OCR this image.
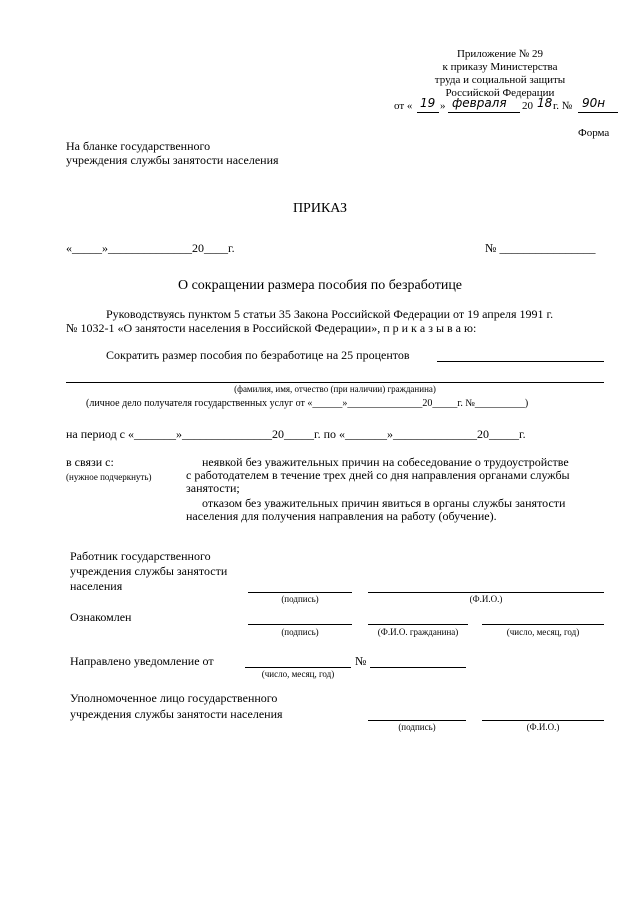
Приложение № 29
к приказу Министерства
труда и социальной защиты
Российской Федерации
от « 19 » февраля 20 18 г. № 90н
Форма
На бланке государственного
учреждения службы занятости населения
ПРИКАЗ
«_____»______________20____г.	№ ________________
О сокращении размера пособия по безработице
Руководствуясь пунктом 5 статьи 35 Закона Российской Федерации от 19 апреля 1991 г.
№ 1032-1 «О занятости населения в Российской Федерации», п р и к а з ы в а ю:
Сократить размер пособия по безработице на 25 процентов
(фамилия, имя, отчество (при наличии) гражданина)
(личное дело получателя государственных услуг от «______»_______________20_____г. №__________)
на период с «_______»_______________20_____г. по «_______»______________20_____г.
в связи с:
(нужное подчеркнуть)
неявкой без уважительных причин на собеседование о трудоустройстве
с работодателем в течение трех дней со дня направления органами службы
занятости;
отказом без уважительных причин явиться в органы службы занятости
населения для получения направления на работу (обучение).
Работник государственного
учреждения службы занятости
населения
(подпись)	(Ф.И.О.)
Ознакомлен
(подпись)	(Ф.И.О. гражданина)	(число, месяц, год)
Направлено уведомление от
(число, месяц, год)
№
Уполномоченное лицо государственного
учреждения службы занятости населения
(подпись)	(Ф.И.О.)
